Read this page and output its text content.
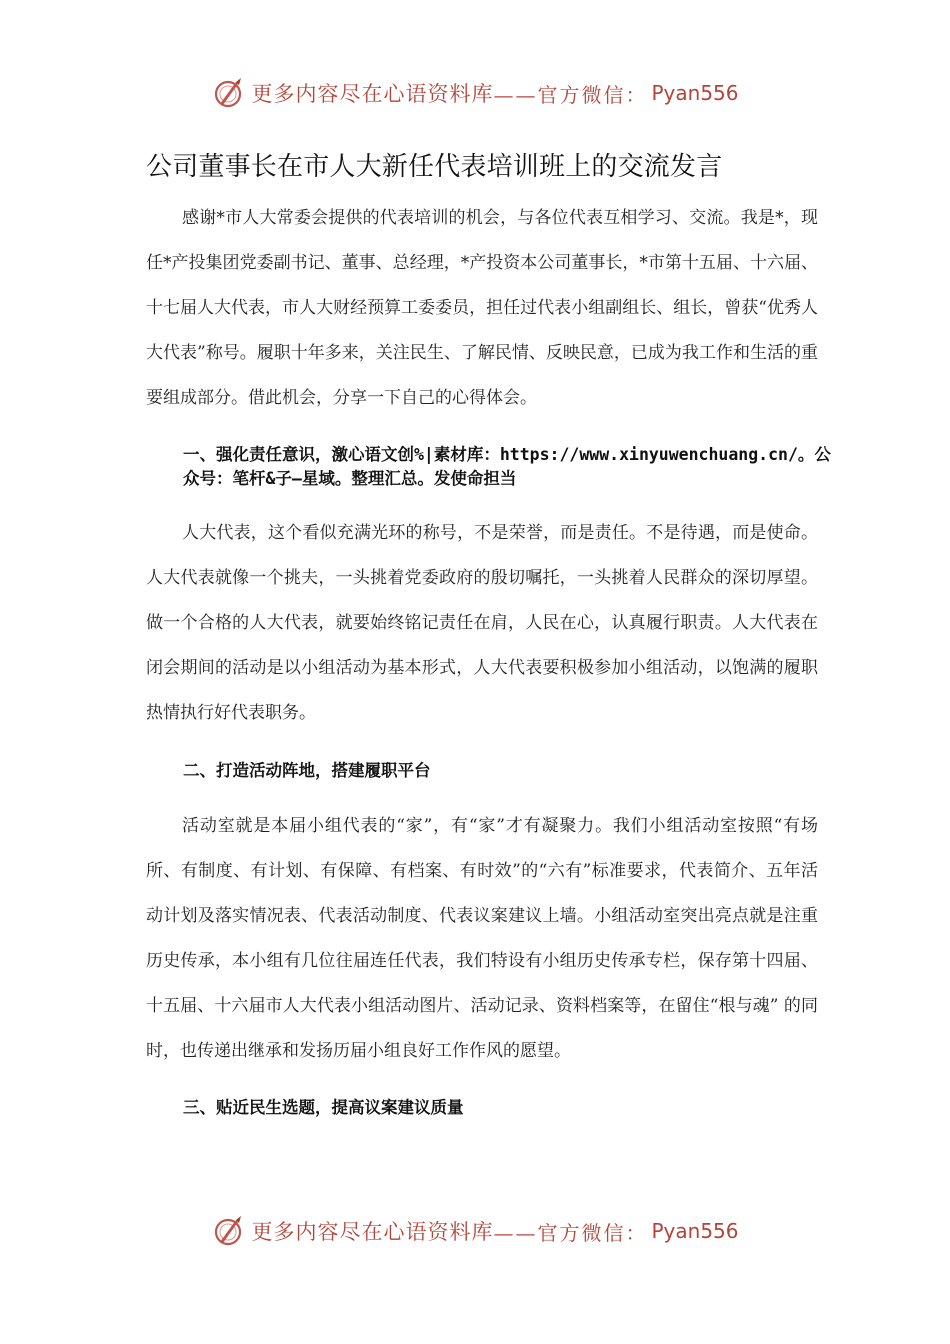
更多内容尽在心语资料库 ——官方微信： Pyan556
公司董事长在市人大新任代表培训班上的交流发言

感谢*市人大常委会提供的代表培训的机会，与各位代表互相学习、交流。我是*，现任*产投集团党委副书记、董事、总经理，*产投资本公司董事长，*市第十五届、十六届、十七届人大代表，市人大财经预算工委委员，担任过代表小组副组长、组长，曾获“优秀人大代表”称号。履职十年多来，关注民生、了解民情、反映民意，已成为我工作和生活的重要组成部分。借此机会，分享一下自己的心得体会。

一、强化责任意识，激心语文创%|素材库：https://www.xinyuwenchuang.cn/。公众号：笔杆&子—星域。整理汇总。发使命担当

人大代表，这个看似充满光环的称号，不是荣誉，而是责任。不是待遇，而是使命。人大代表就像一个挑夫，一头挑着党委政府的殷切嘱托，一头挑着人民群众的深切厚望。做一个合格的人大代表，就要始终铭记责任在肩，人民在心，认真履行职责。人大代表在闭会期间的活动是以小组活动为基本形式，人大代表要积极参加小组活动，以饱满的履职热情执行好代表职务。

二、打造活动阵地，搭建履职平台

活动室就是本届小组代表的“家”，有“家”才有凝聚力。我们小组活动室按照“有场所、有制度、有计划、有保障、有档案、有时效”的“六有”标准要求，代表简介、五年活动计划及落实情况表、代表活动制度、代表议案建议上墙。小组活动室突出亮点就是注重历史传承，本小组有几位往届连任代表，我们特设有小组历史传承专栏，保存第十四届、十五届、十六届市人大代表小组活动图片、活动记录、资料档案等，在留住“根与魂” 的同时，也传递出继承和发扬历届小组良好工作作风的愿望。

三、贴近民生选题，提高议案建议质量

更多内容尽在心语资料库 ——官方微信： Pyan556
